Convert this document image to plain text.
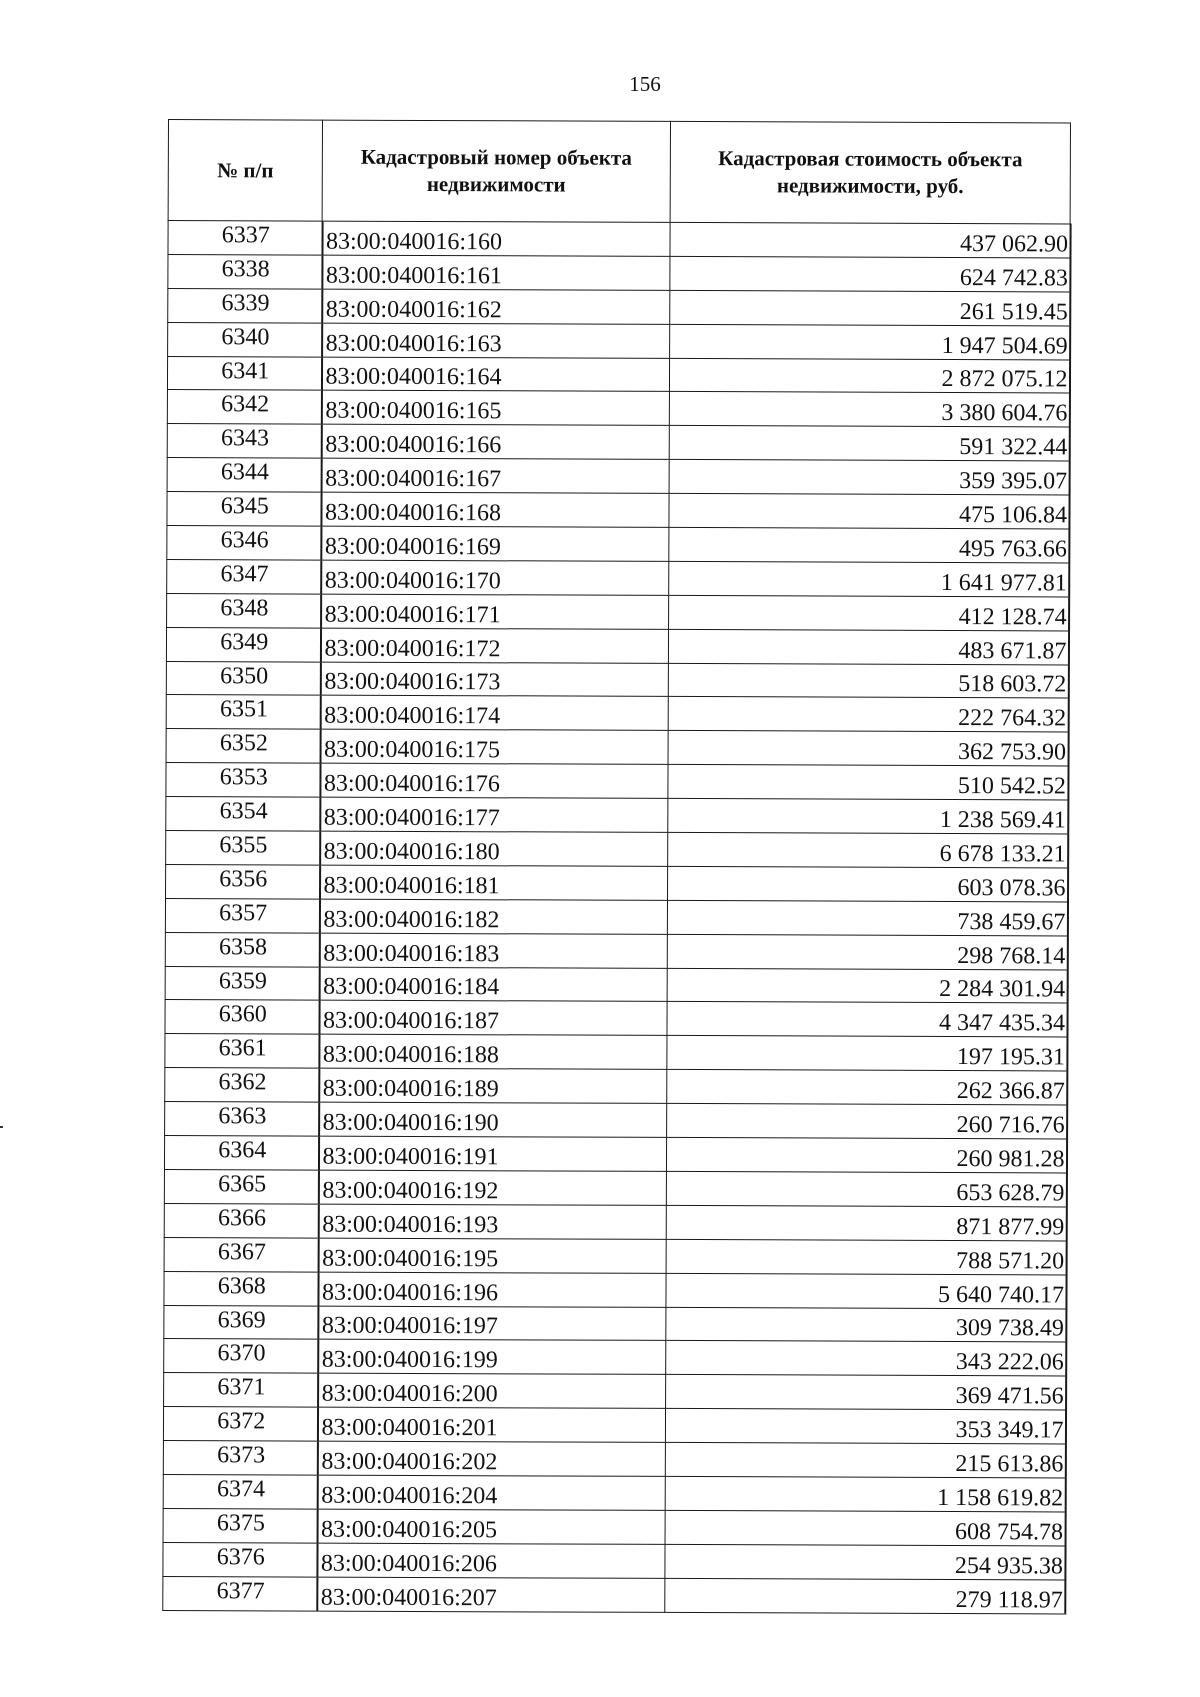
156
№ п/п	Кадастровый номер объекта недвижимости	Кадастровая стоимость объекта недвижимости, руб.
6337	83:00:040016:160	437 062.90
6338	83:00:040016:161	624 742.83
6339	83:00:040016:162	261 519.45
6340	83:00:040016:163	1 947 504.69
6341	83:00:040016:164	2 872 075.12
6342	83:00:040016:165	3 380 604.76
6343	83:00:040016:166	591 322.44
6344	83:00:040016:167	359 395.07
6345	83:00:040016:168	475 106.84
6346	83:00:040016:169	495 763.66
6347	83:00:040016:170	1 641 977.81
6348	83:00:040016:171	412 128.74
6349	83:00:040016:172	483 671.87
6350	83:00:040016:173	518 603.72
6351	83:00:040016:174	222 764.32
6352	83:00:040016:175	362 753.90
6353	83:00:040016:176	510 542.52
6354	83:00:040016:177	1 238 569.41
6355	83:00:040016:180	6 678 133.21
6356	83:00:040016:181	603 078.36
6357	83:00:040016:182	738 459.67
6358	83:00:040016:183	298 768.14
6359	83:00:040016:184	2 284 301.94
6360	83:00:040016:187	4 347 435.34
6361	83:00:040016:188	197 195.31
6362	83:00:040016:189	262 366.87
6363	83:00:040016:190	260 716.76
6364	83:00:040016:191	260 981.28
6365	83:00:040016:192	653 628.79
6366	83:00:040016:193	871 877.99
6367	83:00:040016:195	788 571.20
6368	83:00:040016:196	5 640 740.17
6369	83:00:040016:197	309 738.49
6370	83:00:040016:199	343 222.06
6371	83:00:040016:200	369 471.56
6372	83:00:040016:201	353 349.17
6373	83:00:040016:202	215 613.86
6374	83:00:040016:204	1 158 619.82
6375	83:00:040016:205	608 754.78
6376	83:00:040016:206	254 935.38
6377	83:00:040016:207	279 118.97
